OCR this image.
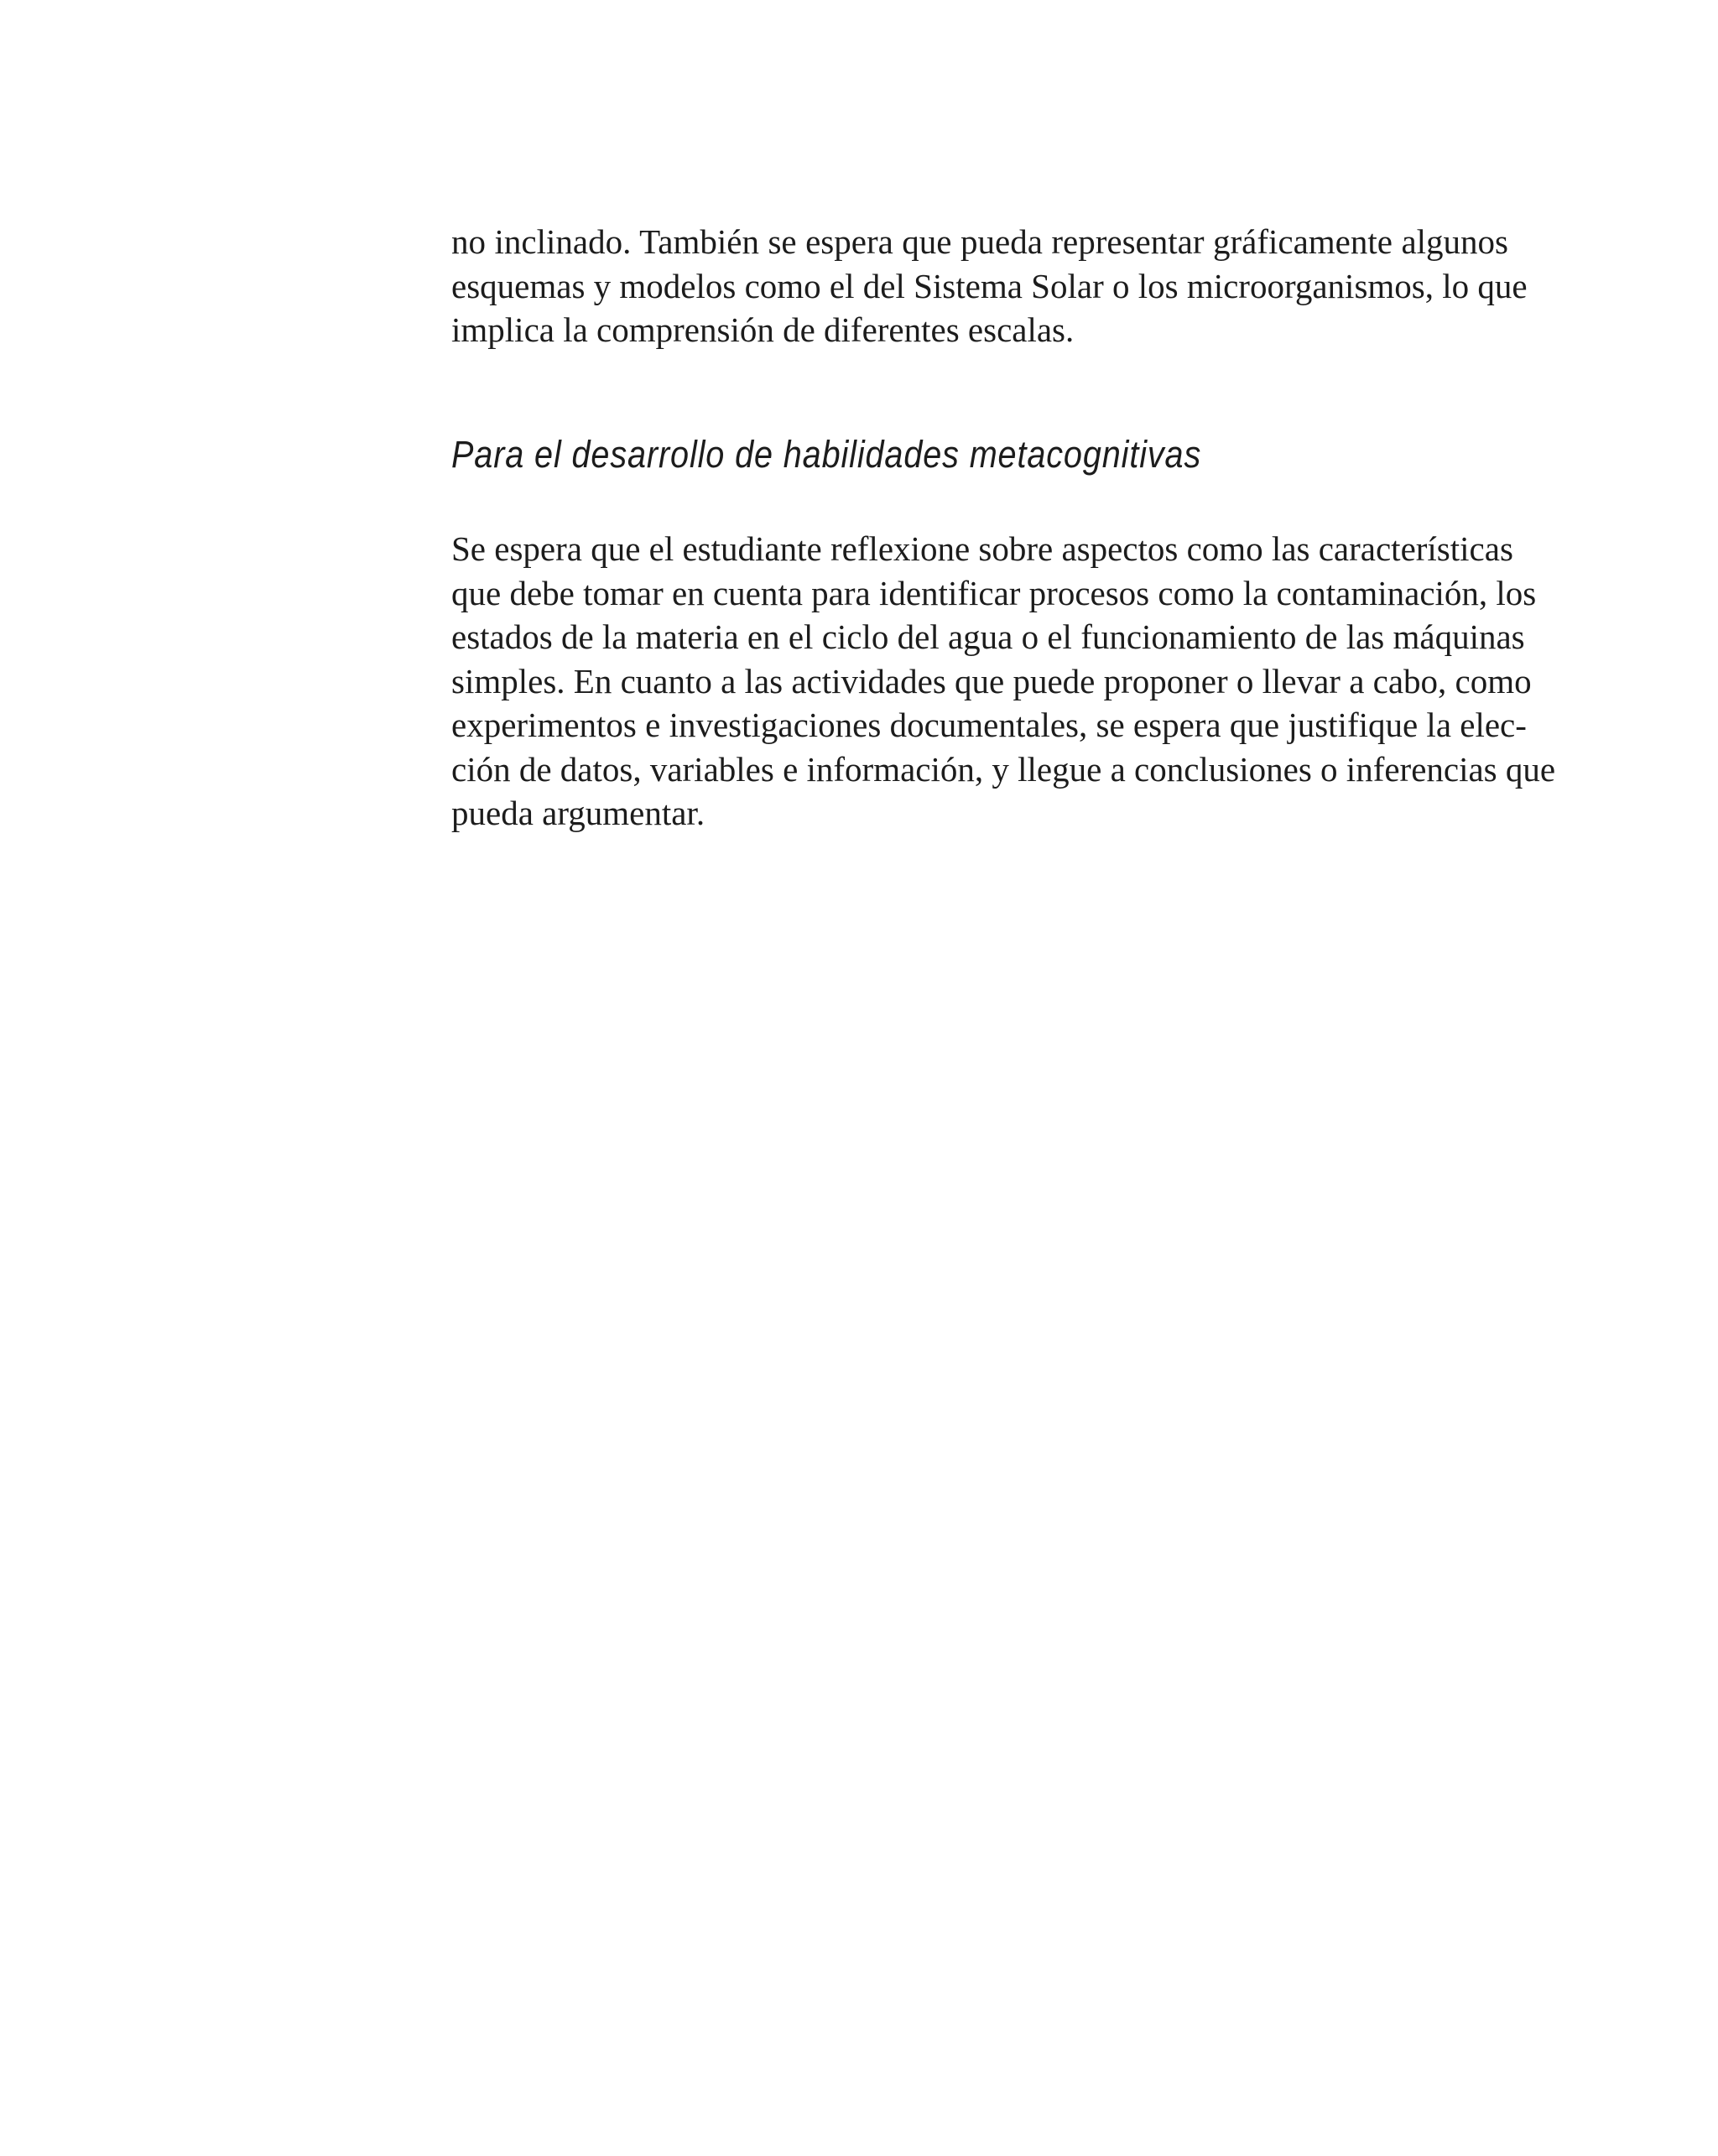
no inclinado. También se espera que pueda representar gráficamente algunos
esquemas y modelos como el del Sistema Solar o los microorganismos, lo que
implica la comprensión de diferentes escalas.
Para el desarrollo de habilidades metacognitivas
Se espera que el estudiante reflexione sobre aspectos como las características
que debe tomar en cuenta para identificar procesos como la contaminación, los
estados de la materia en el ciclo del agua o el funcionamiento de las máquinas
simples. En cuanto a las actividades que puede proponer o llevar a cabo, como
experimentos e investigaciones documentales, se espera que justifique la elec-
ción de datos, variables e información, y llegue a conclusiones o inferencias que
pueda argumentar.
